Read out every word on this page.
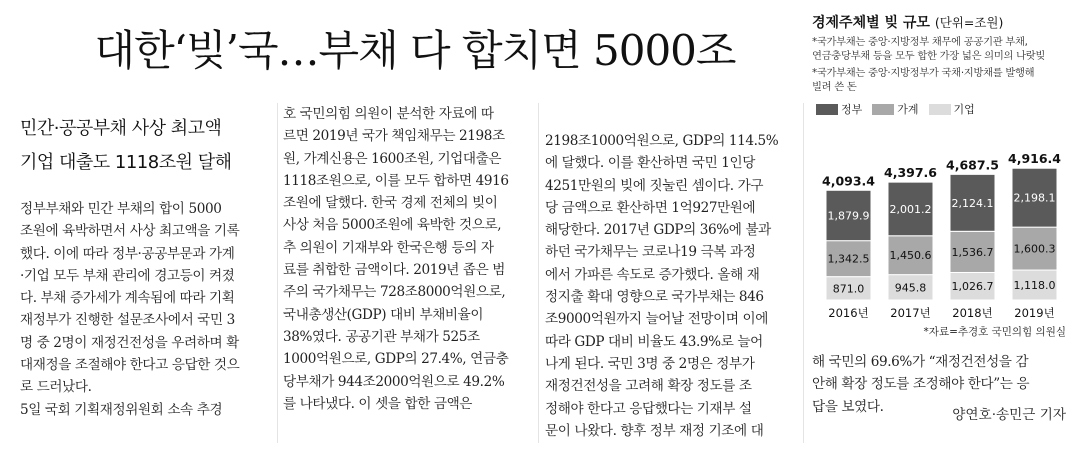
대한‘빚’국…부채 다 합치면 5000조
민간·공공부채 사상 최고액
기업 대출도 1118조원 달해
정부부채와 민간 부채의 합이 5000
조원에 육박하면서 사상 최고액을 기록
했다. 이에 따라 정부·공공부문과 가계
·기업 모두 부채 관리에 경고등이 켜졌
다. 부채 증가세가 계속됨에 따라 기획
재정부가 진행한 설문조사에서 국민 3
명 중 2명이 재정건전성을 우려하며 확
대재정을 조절해야 한다고 응답한 것으
로 드러났다.
5일 국회 기획재정위원회 소속 추경
호 국민의힘 의원이 분석한 자료에 따
르면 2019년 국가 책임채무는 2198조
원, 가계신용은 1600조원, 기업대출은
1118조원으로, 이를 모두 합하면 4916
조원에 달했다. 한국 경제 전체의 빚이
사상 처음 5000조원에 육박한 것으로,
추 의원이 기재부와 한국은행 등의 자
료를 취합한 금액이다. 2019년 좁은 범
주의 국가채무는 728조8000억원으로,
국내총생산(GDP) 대비 부채비율이
38%였다. 공공기관 부채가 525조
1000억원으로, GDP의 27.4%, 연금충
당부채가 944조2000억원으로 49.2%
를 나타냈다. 이 셋을 합한 금액은
2198조1000억원으로, GDP의 114.5%
에 달했다. 이를 환산하면 국민 1인당
4251만원의 빚에 짓눌린 셈이다. 가구
당 금액으로 환산하면 1억927만원에
해당한다. 2017년 GDP의 36%에 불과
하던 국가채무는 코로나19 극복 과정
에서 가파른 속도로 증가했다. 올해 재
정지출 확대 영향으로 국가부채는 846
조9000억원까지 늘어날 전망이며 이에
따라 GDP 대비 비율도 43.9%로 늘어
나게 된다. 국민 3명 중 2명은 정부가
재정건전성을 고려해 확장 정도를 조
정해야 한다고 응답했다는 기재부 설
문이 나왔다. 향후 정부 재정 기조에 대
해 국민의 69.6%가 “재정건전성을 감
안해 확장 정도를 조정해야 한다”는 응
답을 보였다.
양연호·송민근 기자
경제주체별 빚 규모 (단위=조원)
*국가부채는 중앙·지방정부 채무에 공공기관 부채,
연금충당부채 등을 모두 합한 가장 넓은 의미의 나랏빚
*국가부채는 중앙·지방정부가 국채·지방채를 발행해
빌려 쓴 돈
정부	가계	기업
871.0
1,342.5
1,879.9
4,093.4
2016년
945.8
1,450.6
2,001.2
4,397.6
2017년
1,026.7
1,536.7
2,124.1
4,687.5
2018년
1,118.0
1,600.3
2,198.1
4,916.4
2019년
*자료=추경호 국민의힘 의원실
